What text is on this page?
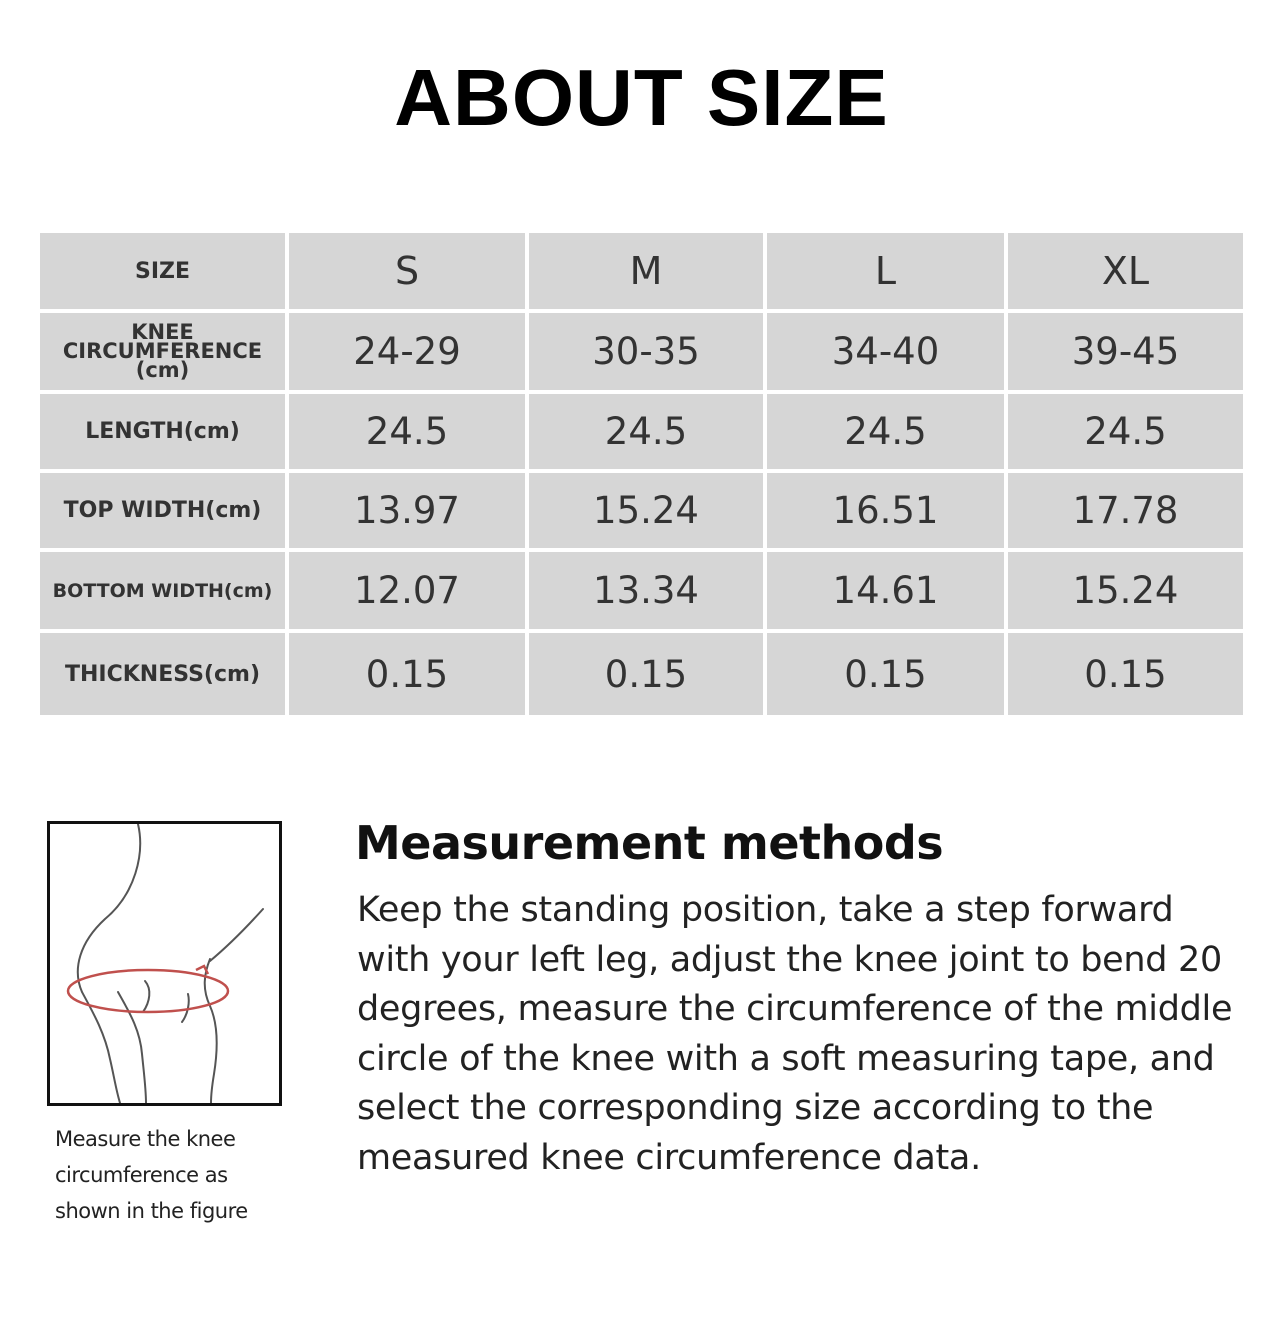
ABOUT SIZE
SIZE	S	M	L	XL

KNEE
CIRCUMFERENCE
(cm)	24-29	30-35	34-40	39-45
LENGTH(cm)	24.5	24.5	24.5	24.5
TOP WIDTH(cm)	13.97	15.24	16.51	17.78
BOTTOM WIDTH(cm)	12.07	13.34	14.61	15.24
THICKNESS(cm)	0.15	0.15	0.15	0.15
Measure the knee
circumference as
shown in the figure
Measurement methods
Keep the standing position, take a step forward
with your left leg, adjust the knee joint to bend 20
degrees, measure the circumference of the middle
circle of the knee with a soft measuring tape, and
select the corresponding size according to the
measured knee circumference data.
